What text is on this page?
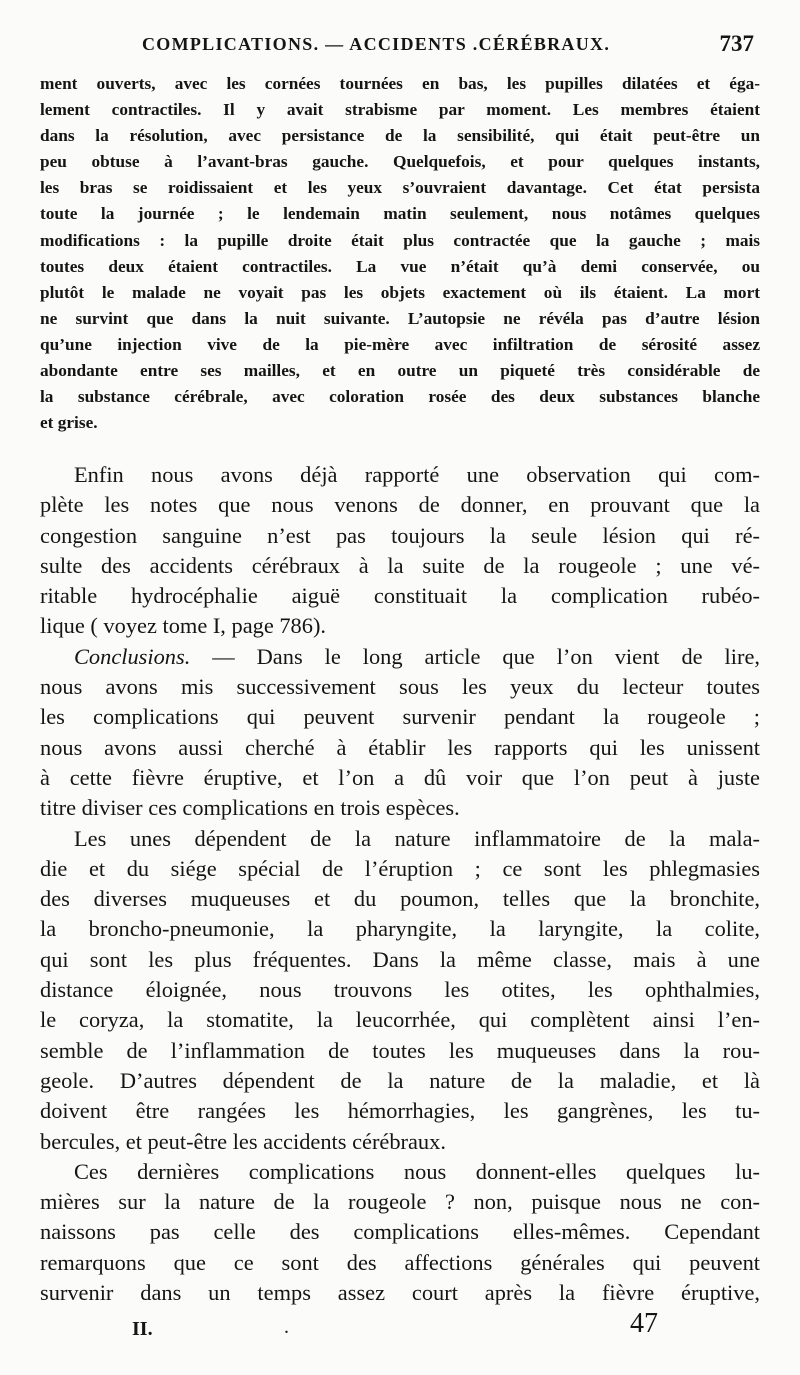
COMPLICATIONS. — ACCIDENTS .CÉRÉBRAUX.	737
ment ouverts, avec les cornées tournées en bas, les pupilles dilatées et éga-
lement contractiles. Il y avait strabisme par moment. Les membres étaient
dans la résolution, avec persistance de la sensibilité, qui était peut-être un
peu obtuse à l’avant-bras gauche. Quelquefois, et pour quelques instants,
les bras se roidissaient et les yeux s’ouvraient davantage. Cet état persista
toute la journée ; le lendemain matin seulement, nous notâmes quelques
modifications : la pupille droite était plus contractée que la gauche ; mais
toutes deux étaient contractiles. La vue n’était qu’à demi conservée, ou
plutôt le malade ne voyait pas les objets exactement où ils étaient. La mort
ne survint que dans la nuit suivante. L’autopsie ne révéla pas d’autre lésion
qu’une injection vive de la pie-mère avec infiltration de sérosité assez
abondante entre ses mailles, et en outre un piqueté très considérable de
la substance cérébrale, avec coloration rosée des deux substances blanche
et grise.
Enfin nous avons déjà rapporté une observation qui com-
plète les notes que nous venons de donner, en prouvant que la
congestion sanguine n’est pas toujours la seule lésion qui ré-
sulte des accidents cérébraux à la suite de la rougeole ; une vé-
ritable hydrocéphalie aiguë constituait la complication rubéo-
lique ( voyez tome I, page 786).
Conclusions. — Dans le long article que l’on vient de lire,
nous avons mis successivement sous les yeux du lecteur toutes
les complications qui peuvent survenir pendant la rougeole ;
nous avons aussi cherché à établir les rapports qui les unissent
à cette fièvre éruptive, et l’on a dû voir que l’on peut à juste
titre diviser ces complications en trois espèces.
Les unes dépendent de la nature inflammatoire de la mala-
die et du siége spécial de l’éruption ; ce sont les phlegmasies
des diverses muqueuses et du poumon, telles que la bronchite,
la broncho-pneumonie, la pharyngite, la laryngite, la colite,
qui sont les plus fréquentes. Dans la même classe, mais à une
distance éloignée, nous trouvons les otites, les ophthalmies,
le coryza, la stomatite, la leucorrhée, qui complètent ainsi l’en-
semble de l’inflammation de toutes les muqueuses dans la rou-
geole. D’autres dépendent de la nature de la maladie, et là
doivent être rangées les hémorrhagies, les gangrènes, les tu-
bercules, et peut-être les accidents cérébraux.
Ces dernières complications nous donnent-elles quelques lu-
mières sur la nature de la rougeole ? non, puisque nous ne con-
naissons pas celle des complications elles-mêmes. Cependant
remarquons que ce sont des affections générales qui peuvent
survenir dans un temps assez court après la fièvre éruptive,
II.	.	47
